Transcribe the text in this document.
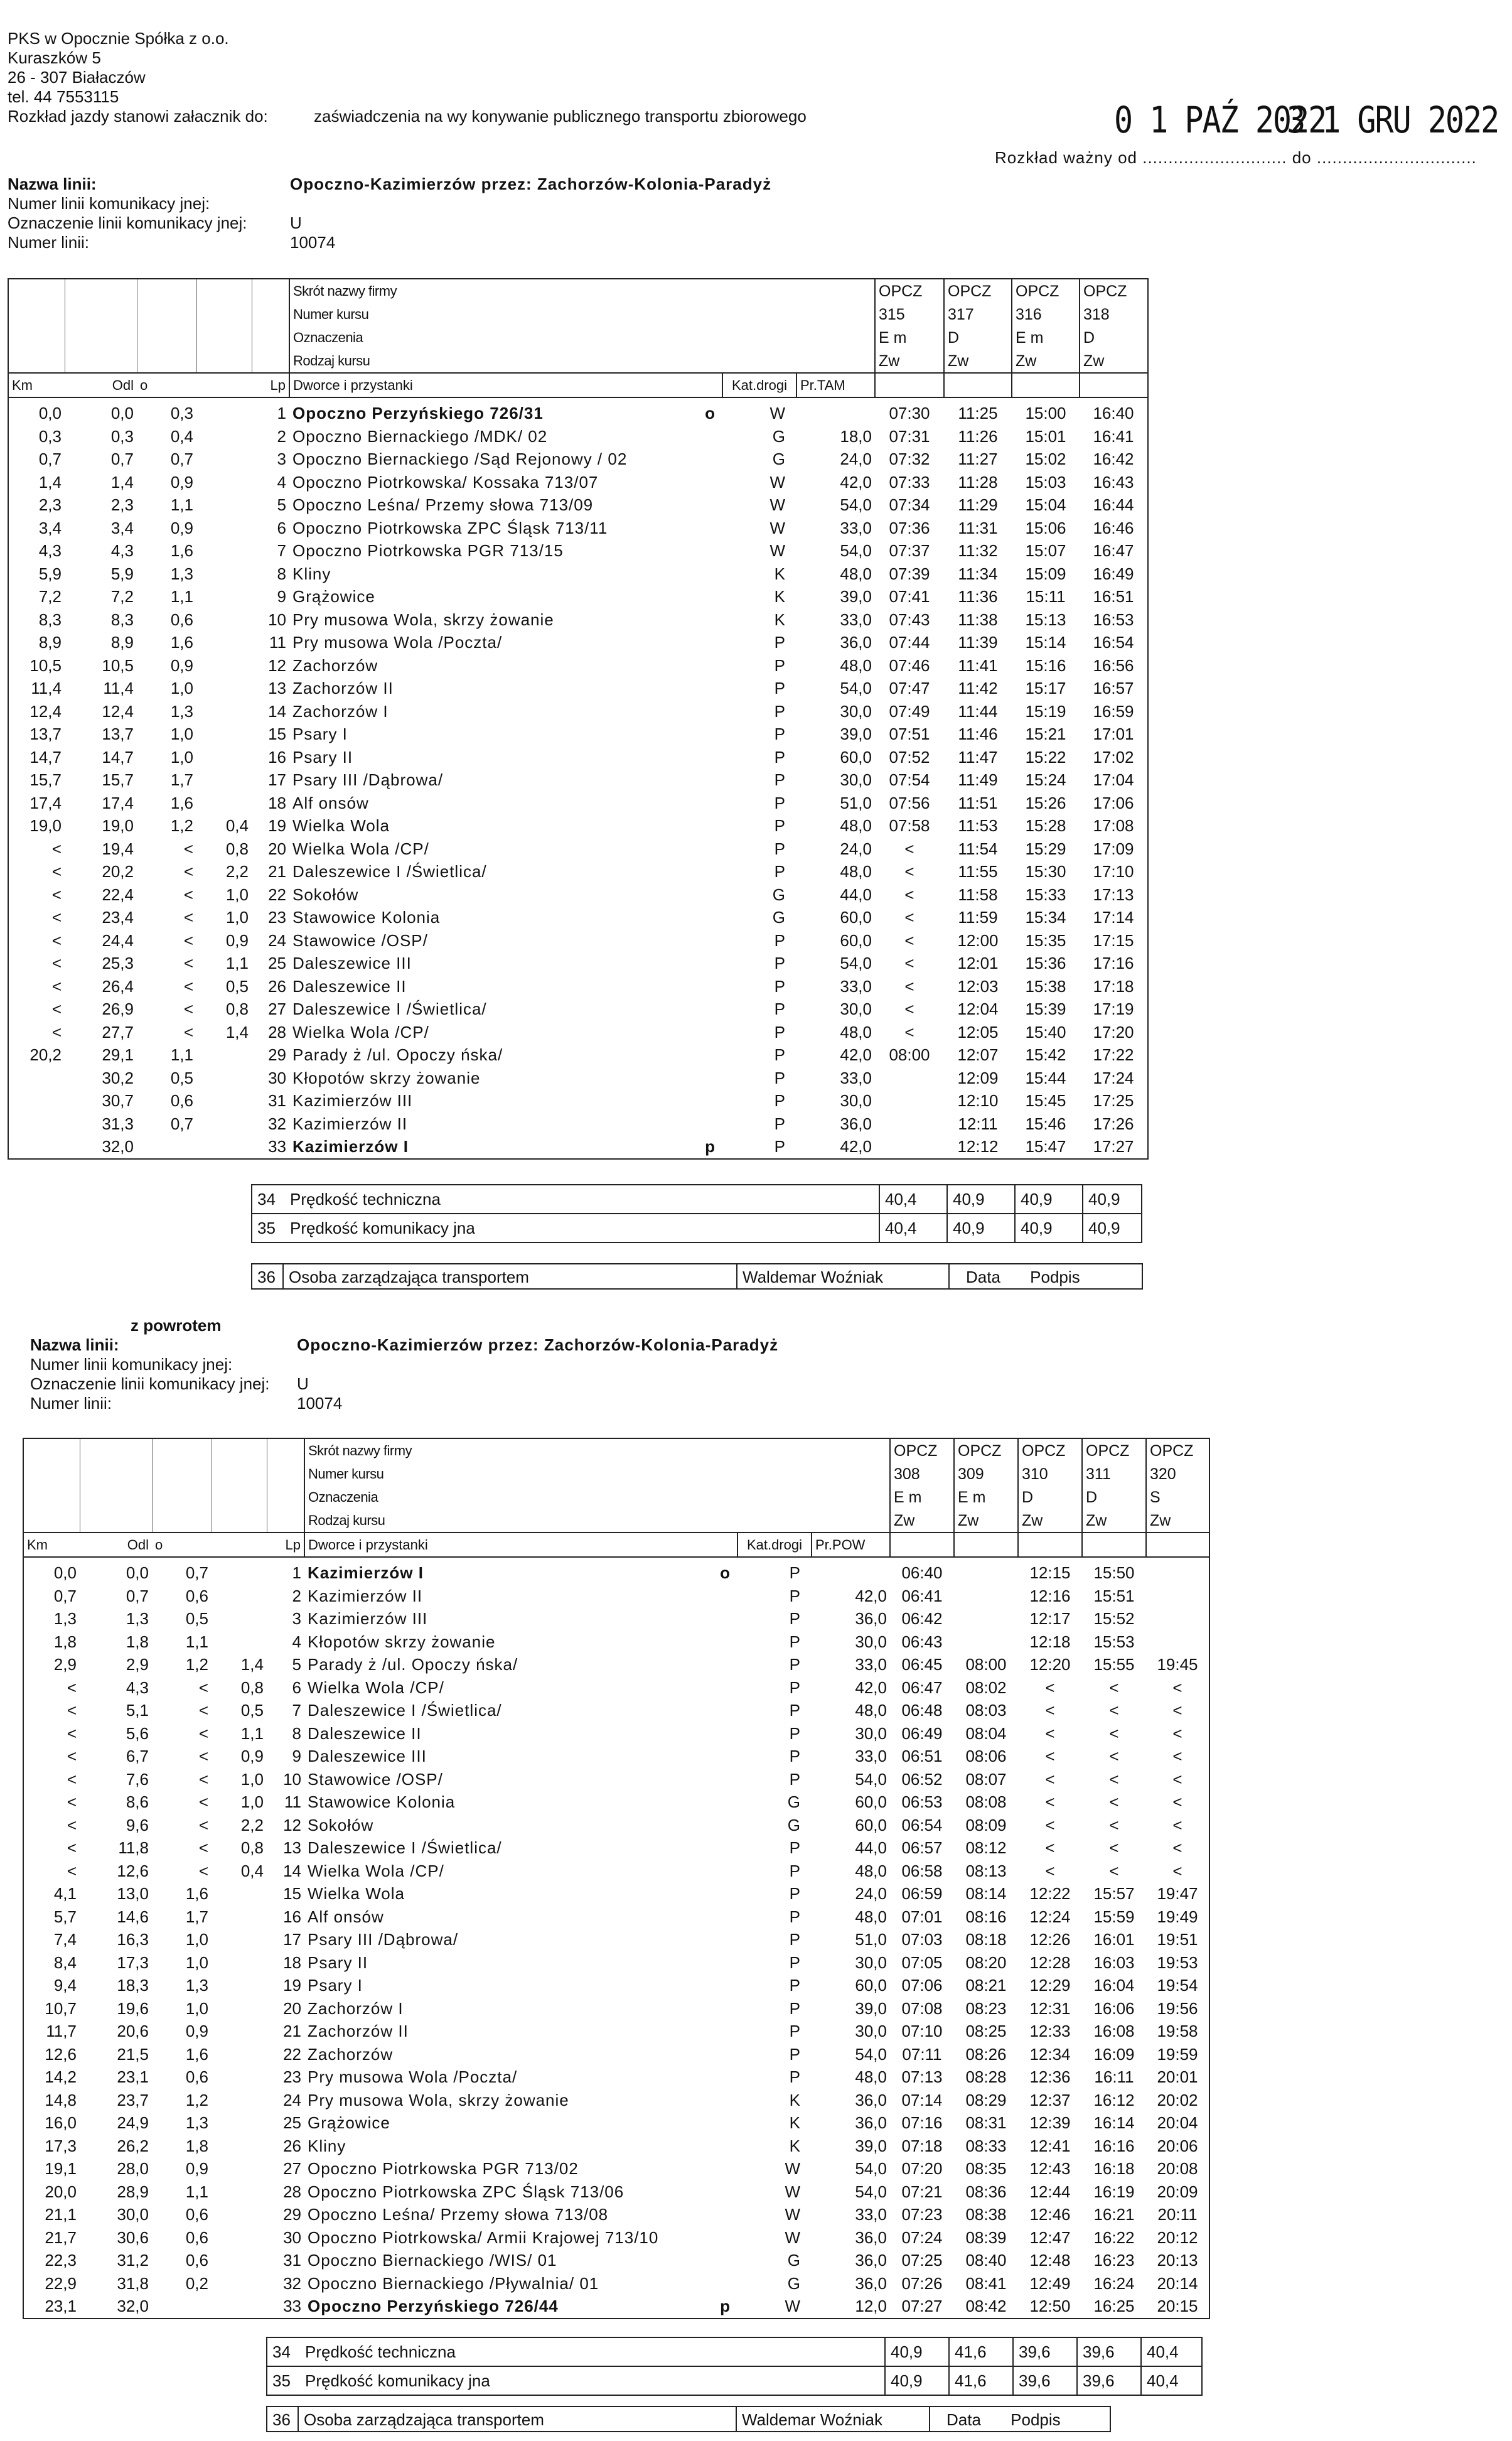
PKS w Opocznie Spółka z o.o.
Kuraszków 5
26 - 307 Białaczów
tel. 44 7553115
Rozkład jazdy stanowi załacznik do:	zaświadczenia na wy konywanie publicznego transportu zbiorowego	0 1 PAŹ 2022
3 1 GRU 2022
Rozkład ważny od ............................ do ...............................
Nazwa linii:	Opoczno-Kazimierzów przez: Zachorzów-Kolonia-Paradyż
Numer linii komunikacy jnej:
Oznaczenie linii komunikacy jnej:	U
Numer linii:	10074
					Skrót nazwy firmy			OPCZ	OPCZ	OPCZ	OPCZ
					Numer kursu			315	317	316	318
					Oznaczenia			E m	D	E m	D
					Rodzaj kursu			Zw	Zw	Zw	Zw
Km	Odl	o		Lp	Dworce i przystanki	Kat.drogi	Pr.TAM				
0,0	0,0	0,3		1	Opoczno Perzyńskiego 726/31 o	W		07:30	11:25	15:00	16:40
0,3	0,3	0,4		2	Opoczno Biernackiego /MDK/ 02	G	18,0	07:31	11:26	15:01	16:41
0,7	0,7	0,7		3	Opoczno Biernackiego /Sąd Rejonowy / 02	G	24,0	07:32	11:27	15:02	16:42
1,4	1,4	0,9		4	Opoczno Piotrkowska/ Kossaka 713/07	W	42,0	07:33	11:28	15:03	16:43
2,3	2,3	1,1		5	Opoczno Leśna/ Przemy słowa 713/09	W	54,0	07:34	11:29	15:04	16:44
3,4	3,4	0,9		6	Opoczno Piotrkowska ZPC Śląsk 713/11	W	33,0	07:36	11:31	15:06	16:46
4,3	4,3	1,6		7	Opoczno Piotrkowska PGR 713/15	W	54,0	07:37	11:32	15:07	16:47
5,9	5,9	1,3		8	Kliny	K	48,0	07:39	11:34	15:09	16:49
7,2	7,2	1,1		9	Grążowice	K	39,0	07:41	11:36	15:11	16:51
8,3	8,3	0,6		10	Pry musowa Wola, skrzy żowanie	K	33,0	07:43	11:38	15:13	16:53
8,9	8,9	1,6		11	Pry musowa Wola /Poczta/	P	36,0	07:44	11:39	15:14	16:54
10,5	10,5	0,9		12	Zachorzów	P	48,0	07:46	11:41	15:16	16:56
11,4	11,4	1,0		13	Zachorzów II	P	54,0	07:47	11:42	15:17	16:57
12,4	12,4	1,3		14	Zachorzów I	P	30,0	07:49	11:44	15:19	16:59
13,7	13,7	1,0		15	Psary I	P	39,0	07:51	11:46	15:21	17:01
14,7	14,7	1,0		16	Psary II	P	60,0	07:52	11:47	15:22	17:02
15,7	15,7	1,7		17	Psary III /Dąbrowa/	P	30,0	07:54	11:49	15:24	17:04
17,4	17,4	1,6		18	Alf onsów	P	51,0	07:56	11:51	15:26	17:06
19,0	19,0	1,2	0,4	19	Wielka Wola	P	48,0	07:58	11:53	15:28	17:08
<	19,4	<	0,8	20	Wielka Wola /CP/	P	24,0	<	11:54	15:29	17:09
<	20,2	<	2,2	21	Daleszewice I /Świetlica/	P	48,0	<	11:55	15:30	17:10
<	22,4	<	1,0	22	Sokołów	G	44,0	<	11:58	15:33	17:13
<	23,4	<	1,0	23	Stawowice Kolonia	G	60,0	<	11:59	15:34	17:14
<	24,4	<	0,9	24	Stawowice /OSP/	P	60,0	<	12:00	15:35	17:15
<	25,3	<	1,1	25	Daleszewice III	P	54,0	<	12:01	15:36	17:16
<	26,4	<	0,5	26	Daleszewice II	P	33,0	<	12:03	15:38	17:18
<	26,9	<	0,8	27	Daleszewice I /Świetlica/	P	30,0	<	12:04	15:39	17:19
<	27,7	<	1,4	28	Wielka Wola /CP/	P	48,0	<	12:05	15:40	17:20
20,2	29,1	1,1		29	Parady ż /ul. Opoczy ńska/	P	42,0	08:00	12:07	15:42	17:22
	30,2	0,5		30	Kłopotów skrzy żowanie	P	33,0		12:09	15:44	17:24
	30,7	0,6		31	Kazimierzów III	P	30,0		12:10	15:45	17:25
	31,3	0,7		32	Kazimierzów II	P	36,0		12:11	15:46	17:26
	32,0			33	Kazimierzów I p	P	42,0		12:12	15:47	17:27
34 Prędkość techniczna	40,4	40,9	40,9	40,9
35 Prędkość komunikacy jna	40,4	40,9	40,9	40,9
36 Osoba zarządzająca transportem	Waldemar Woźniak	Data Podpis
z powrotem
Nazwa linii:	Opoczno-Kazimierzów przez: Zachorzów-Kolonia-Paradyż
Numer linii komunikacy jnej:
Oznaczenie linii komunikacy jnej: U
Numer linii:	10074
					Skrót nazwy firmy			OPCZ	OPCZ	OPCZ	OPCZ	OPCZ
					Numer kursu			308	309	310	311	320
					Oznaczenia			E m	E m	D	D	S
					Rodzaj kursu			Zw	Zw	Zw	Zw	Zw
Km	Odl	o		Lp	Dworce i przystanki	Kat.drogi	Pr.POW					
0,0	0,0	0,7		1	Kazimierzów I o	P		06:40		12:15	15:50	
0,7	0,7	0,6		2	Kazimierzów II	P	42,0	06:41		12:16	15:51	
1,3	1,3	0,5		3	Kazimierzów III	P	36,0	06:42		12:17	15:52	
1,8	1,8	1,1		4	Kłopotów skrzy żowanie	P	30,0	06:43		12:18	15:53	
2,9	2,9	1,2	1,4	5	Parady ż /ul. Opoczy ńska/	P	33,0	06:45	08:00	12:20	15:55	19:45
<	4,3	<	0,8	6	Wielka Wola /CP/	P	42,0	06:47	08:02	<	<	<
<	5,1	<	0,5	7	Daleszewice I /Świetlica/	P	48,0	06:48	08:03	<	<	<
<	5,6	<	1,1	8	Daleszewice II	P	30,0	06:49	08:04	<	<	<
<	6,7	<	0,9	9	Daleszewice III	P	33,0	06:51	08:06	<	<	<
<	7,6	<	1,0	10	Stawowice /OSP/	P	54,0	06:52	08:07	<	<	<
<	8,6	<	1,0	11	Stawowice Kolonia	G	60,0	06:53	08:08	<	<	<
<	9,6	<	2,2	12	Sokołów	G	60,0	06:54	08:09	<	<	<
<	11,8	<	0,8	13	Daleszewice I /Świetlica/	P	44,0	06:57	08:12	<	<	<
<	12,6	<	0,4	14	Wielka Wola /CP/	P	48,0	06:58	08:13	<	<	<
4,1	13,0	1,6		15	Wielka Wola	P	24,0	06:59	08:14	12:22	15:57	19:47
5,7	14,6	1,7		16	Alf onsów	P	48,0	07:01	08:16	12:24	15:59	19:49
7,4	16,3	1,0		17	Psary III /Dąbrowa/	P	51,0	07:03	08:18	12:26	16:01	19:51
8,4	17,3	1,0		18	Psary II	P	30,0	07:05	08:20	12:28	16:03	19:53
9,4	18,3	1,3		19	Psary I	P	60,0	07:06	08:21	12:29	16:04	19:54
10,7	19,6	1,0		20	Zachorzów I	P	39,0	07:08	08:23	12:31	16:06	19:56
11,7	20,6	0,9		21	Zachorzów II	P	30,0	07:10	08:25	12:33	16:08	19:58
12,6	21,5	1,6		22	Zachorzów	P	54,0	07:11	08:26	12:34	16:09	19:59
14,2	23,1	0,6		23	Pry musowa Wola /Poczta/	P	48,0	07:13	08:28	12:36	16:11	20:01
14,8	23,7	1,2		24	Pry musowa Wola, skrzy żowanie	K	36,0	07:14	08:29	12:37	16:12	20:02
16,0	24,9	1,3		25	Grążowice	K	36,0	07:16	08:31	12:39	16:14	20:04
17,3	26,2	1,8		26	Kliny	K	39,0	07:18	08:33	12:41	16:16	20:06
19,1	28,0	0,9		27	Opoczno Piotrkowska PGR 713/02	W	54,0	07:20	08:35	12:43	16:18	20:08
20,0	28,9	1,1		28	Opoczno Piotrkowska ZPC Śląsk 713/06	W	54,0	07:21	08:36	12:44	16:19	20:09
21,1	30,0	0,6		29	Opoczno Leśna/ Przemy słowa 713/08	W	33,0	07:23	08:38	12:46	16:21	20:11
21,7	30,6	0,6		30	Opoczno Piotrkowska/ Armii Krajowej 713/10	W	36,0	07:24	08:39	12:47	16:22	20:12
22,3	31,2	0,6		31	Opoczno Biernackiego /WIS/ 01	G	36,0	07:25	08:40	12:48	16:23	20:13
22,9	31,8	0,2		32	Opoczno Biernackiego /Pływalnia/ 01	G	36,0	07:26	08:41	12:49	16:24	20:14
23,1	32,0			33	Opoczno Perzyńskiego 726/44 p	W	12,0	07:27	08:42	12:50	16:25	20:15
34 Prędkość techniczna	40,9	41,6	39,6	39,6	40,4
35 Prędkość komunikacy jna	40,9	41,6	39,6	39,6	40,4
36 Osoba zarządzająca transportem	Waldemar Woźniak	Data Podpis
